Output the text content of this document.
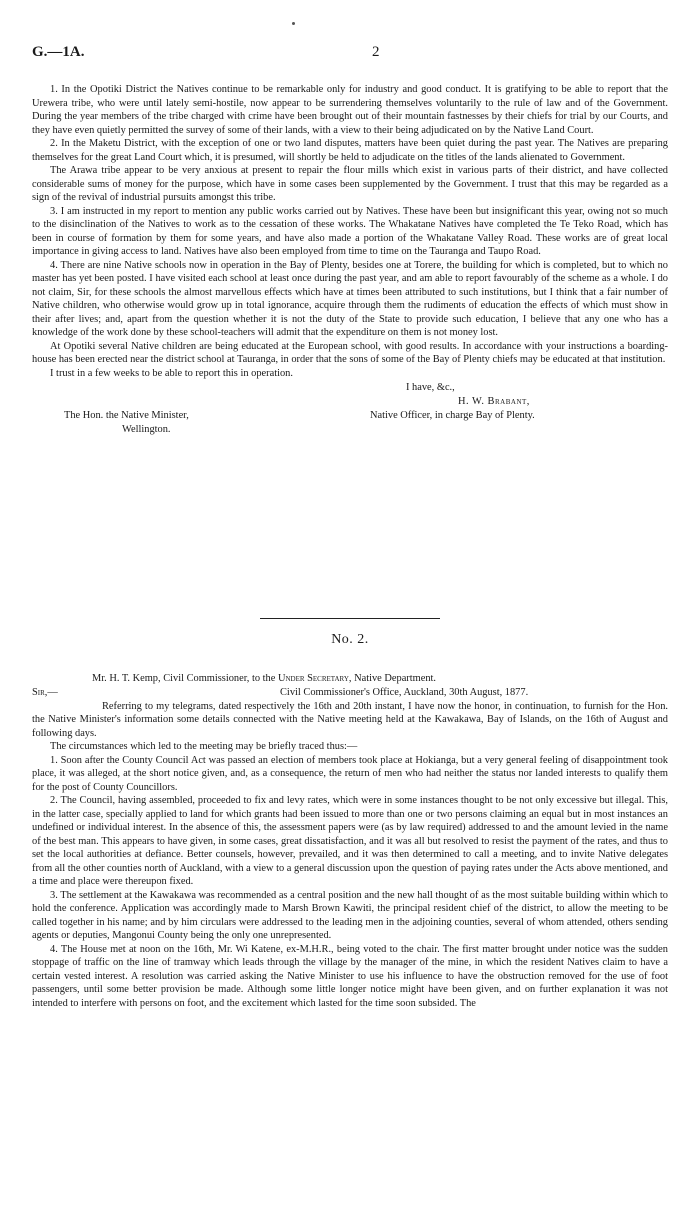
G.—1A.	2

1. In the Opotiki District the Natives continue to be remarkable only for industry and good conduct. It is gratifying to be able to report that the Urewera tribe, who were until lately semi-hostile, now appear to be surrendering themselves voluntarily to the rule of law and of the Government. During the year members of the tribe charged with crime have been brought out of their mountain fastnesses by their chiefs for trial by our Courts, and they have even quietly permitted the survey of some of their lands, with a view to their being adjudicated on by the Native Land Court.

2. In the Maketu District, with the exception of one or two land disputes, matters have been quiet during the past year. The Natives are preparing themselves for the great Land Court which, it is presumed, will shortly be held to adjudicate on the titles of the lands alienated to Government.

The Arawa tribe appear to be very anxious at present to repair the flour mills which exist in various parts of their district, and have collected considerable sums of money for the purpose, which have in some cases been supplemented by the Government. I trust that this may be regarded as a sign of the revival of industrial pursuits amongst this tribe.

3. I am instructed in my report to mention any public works carried out by Natives. These have been but insignificant this year, owing not so much to the disinclination of the Natives to work as to the cessation of these works. The Whakatane Natives have completed the Te Teko Road, which has been in course of formation by them for some years, and have also made a portion of the Whakatane Valley Road. These works are of great local importance in giving access to land. Natives have also been employed from time to time on the Tauranga and Taupo Road.

4. There are nine Native schools now in operation in the Bay of Plenty, besides one at Torere, the building for which is completed, but to which no master has yet been posted. I have visited each school at least once during the past year, and am able to report favourably of the scheme as a whole. I do not claim, Sir, for these schools the almost marvellous effects which have at times been attributed to such institutions, but I think that a fair number of Native children, who otherwise would grow up in total ignorance, acquire through them the rudiments of education the effects of which must show in their after lives; and, apart from the question whether it is not the duty of the State to provide such education, I believe that any one who has a knowledge of the work done by these school-teachers will admit that the expenditure on them is not money lost.

At Opotiki several Native children are being educated at the European school, with good results. In accordance with your instructions a boarding-house has been erected near the district school at Tauranga, in order that the sons of some of the Bay of Plenty chiefs may be educated at that institution.

I trust in a few weeks to be able to report this in operation.
I have, &c.,
H. W. Brabant,
The Hon. the Native Minister,
Wellington.
Native Officer, in charge Bay of Plenty.
No. 2.

Mr. H. T. Kemp, Civil Commissioner, to the Under Secretary, Native Department.

Sir,—	Civil Commissioner's Office, Auckland, 30th August, 1877.

Referring to my telegrams, dated respectively the 16th and 20th instant, I have now the honor, in continuation, to furnish for the Hon. the Native Minister's information some details connected with the Native meeting held at the Kawakawa, Bay of Islands, on the 16th of August and following days.

The circumstances which led to the meeting may be briefly traced thus:—

1. Soon after the County Council Act was passed an election of members took place at Hokianga, but a very general feeling of disappointment took place, it was alleged, at the short notice given, and, as a consequence, the return of men who had neither the status nor landed interests to qualify them for the post of County Councillors.

2. The Council, having assembled, proceeded to fix and levy rates, which were in some instances thought to be not only excessive but illegal. This, in the latter case, specially applied to land for which grants had been issued to more than one or two persons claiming an equal but in most instances an undefined or individual interest. In the absence of this, the assessment papers were (as by law required) addressed to and the amount levied in the name of the best man. This appears to have given, in some cases, great dissatisfaction, and it was all but resolved to resist the payment of the rates, and thus to set the local authorities at defiance. Better counsels, however, prevailed, and it was then determined to call a meeting, and to invite Native delegates from all the other counties north of Auckland, with a view to a general discussion upon the question of paying rates under the Acts above mentioned, and a time and place were thereupon fixed.

3. The settlement at the Kawakawa was recommended as a central position and the new hall thought of as the most suitable building within which to hold the conference. Application was accordingly made to Marsh Brown Kawiti, the principal resident chief of the district, to allow the meeting to be called together in his name; and by him circulars were addressed to the leading men in the adjoining counties, several of whom attended, others sending agents or deputies, Mangonui County being the only one unrepresented.

4. The House met at noon on the 16th, Mr. Wi Katene, ex-M.H.R., being voted to the chair. The first matter brought under notice was the sudden stoppage of traffic on the line of tramway which leads through the village by the manager of the mine, in which the resident Natives claim to have a certain vested interest. A resolution was carried asking the Native Minister to use his influence to have the obstruction removed for the use of foot passengers, until some better provision be made. Although some little longer notice might have been given, and on further explanation it was not intended to interfere with persons on foot, and the excitement which lasted for the time soon subsided. The
